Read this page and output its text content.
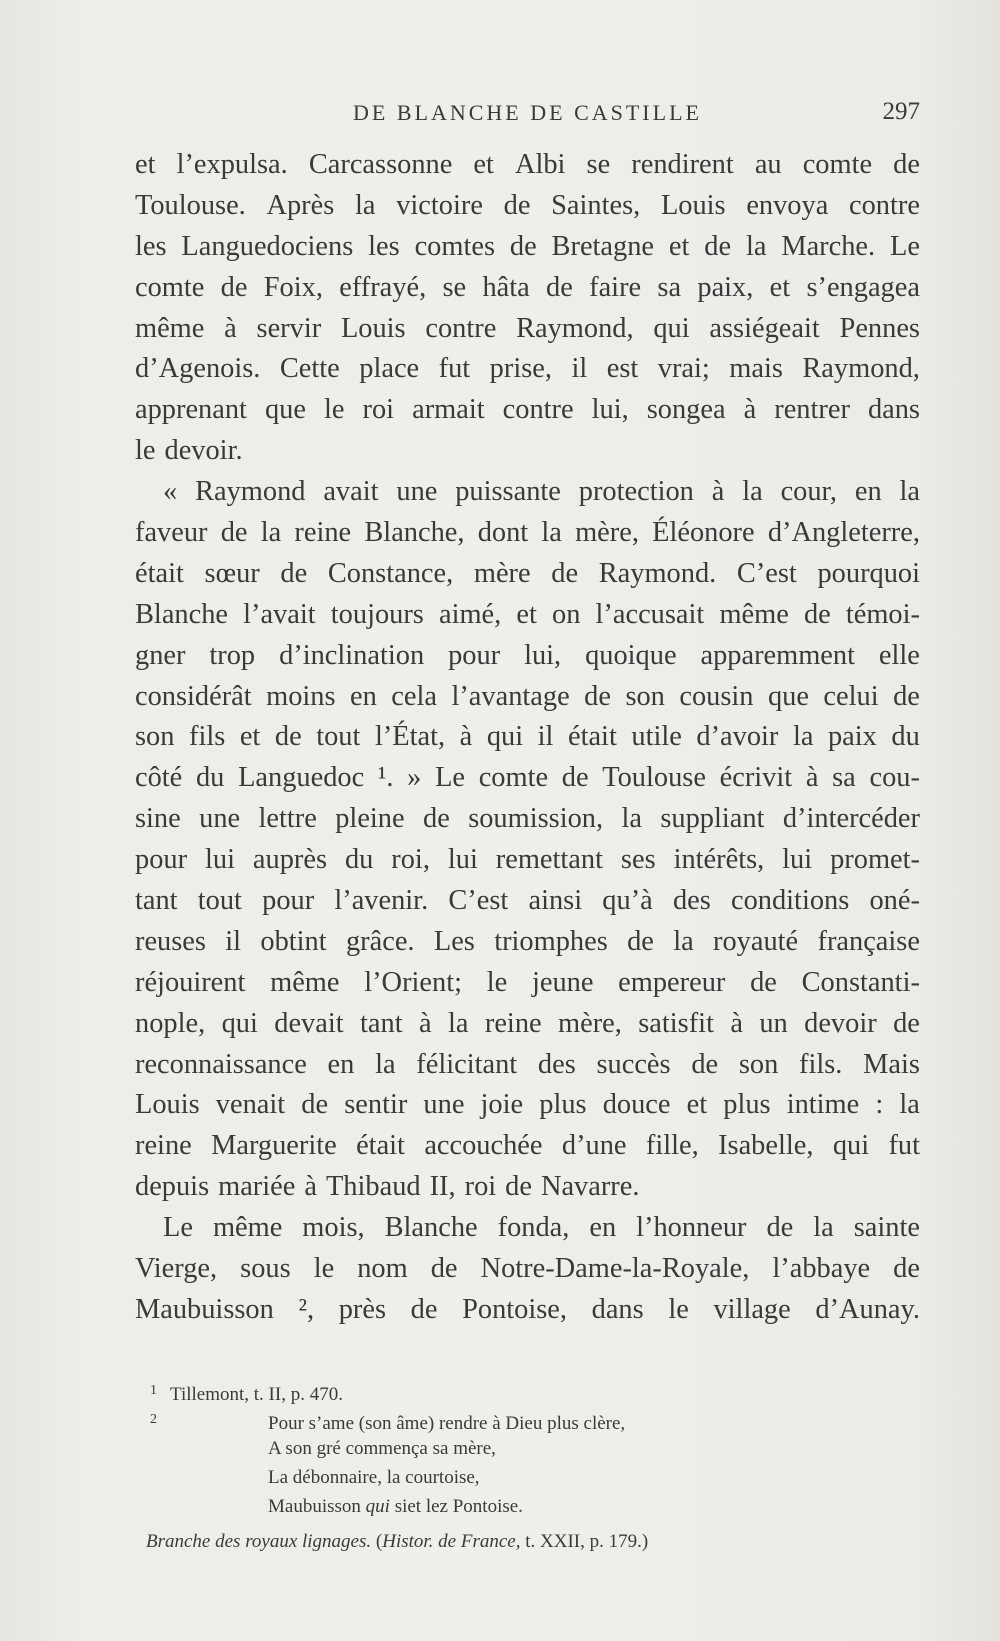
DE BLANCHE DE CASTILLE	297
et l’expulsa. Carcassonne et Albi se rendirent au comte de
Toulouse. Après la victoire de Saintes, Louis envoya contre
les Languedociens les comtes de Bretagne et de la Marche. Le
comte de Foix, effrayé, se hâta de faire sa paix, et s’engagea
même à servir Louis contre Raymond, qui assiégeait Pennes
d’Agenois. Cette place fut prise, il est vrai; mais Raymond,
apprenant que le roi armait contre lui, songea à rentrer dans
le devoir.
« Raymond avait une puissante protection à la cour, en la
faveur de la reine Blanche, dont la mère, Éléonore d’Angleterre,
était sœur de Constance, mère de Raymond. C’est pourquoi
Blanche l’avait toujours aimé, et on l’accusait même de témoi-
gner trop d’inclination pour lui, quoique apparemment elle
considérât moins en cela l’avantage de son cousin que celui de
son fils et de tout l’État, à qui il était utile d’avoir la paix du
côté du Languedoc ¹. » Le comte de Toulouse écrivit à sa cou-
sine une lettre pleine de soumission, la suppliant d’intercéder
pour lui auprès du roi, lui remettant ses intérêts, lui promet-
tant tout pour l’avenir. C’est ainsi qu’à des conditions oné-
reuses il obtint grâce. Les triomphes de la royauté française
réjouirent même l’Orient; le jeune empereur de Constanti-
nople, qui devait tant à la reine mère, satisfit à un devoir de
reconnaissance en la félicitant des succès de son fils. Mais
Louis venait de sentir une joie plus douce et plus intime : la
reine Marguerite était accouchée d’une fille, Isabelle, qui fut
depuis mariée à Thibaud II, roi de Navarre.
Le même mois, Blanche fonda, en l’honneur de la sainte
Vierge, sous le nom de Notre-Dame-la-Royale, l’abbaye de
Maubuisson ², près de Pontoise, dans le village d’Aunay.
1 Tillemont, t. II, p. 470.
2	Pour s’ame (son âme) rendre à Dieu plus clère,
A son gré commença sa mère,
La débonnaire, la courtoise,
Maubuisson qui siet lez Pontoise.
Branche des royaux lignages. (Histor. de France, t. XXII, p. 179.)
